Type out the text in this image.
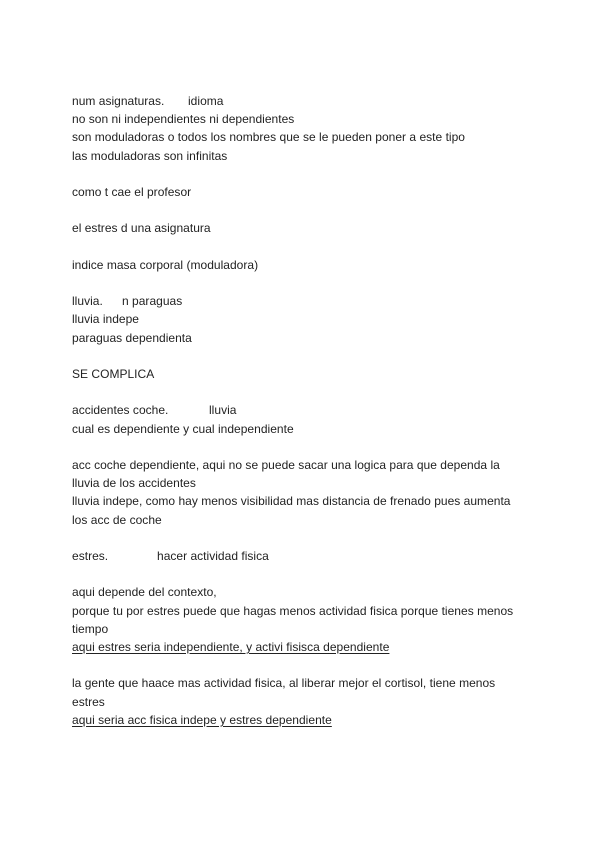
num asignaturas. idioma
no son ni independientes ni dependientes
son moduladoras o todos los nombres que se le pueden poner a este tipo
las moduladoras son infinitas
como t cae el profesor
el estres d una asignatura
indice masa corporal (moduladora)
lluvia. n paraguas
lluvia indepe
paraguas dependienta
SE COMPLICA
accidentes coche.	lluvia
cual es dependiente y cual independiente
acc coche dependiente, aqui no se puede sacar una logica para que dependa la
lluvia de los accidentes
lluvia indepe, como hay menos visibilidad mas distancia de frenado pues aumenta
los acc de coche
estres.	hacer actividad fisica
aqui depende del contexto,
porque tu por estres puede que hagas menos actividad fisica porque tienes menos
tiempo
aqui estres seria independiente, y activi fisisca dependiente
la gente que haace mas actividad fisica, al liberar mejor el cortisol, tiene menos
estres
aqui seria acc fisica indepe y estres dependiente
